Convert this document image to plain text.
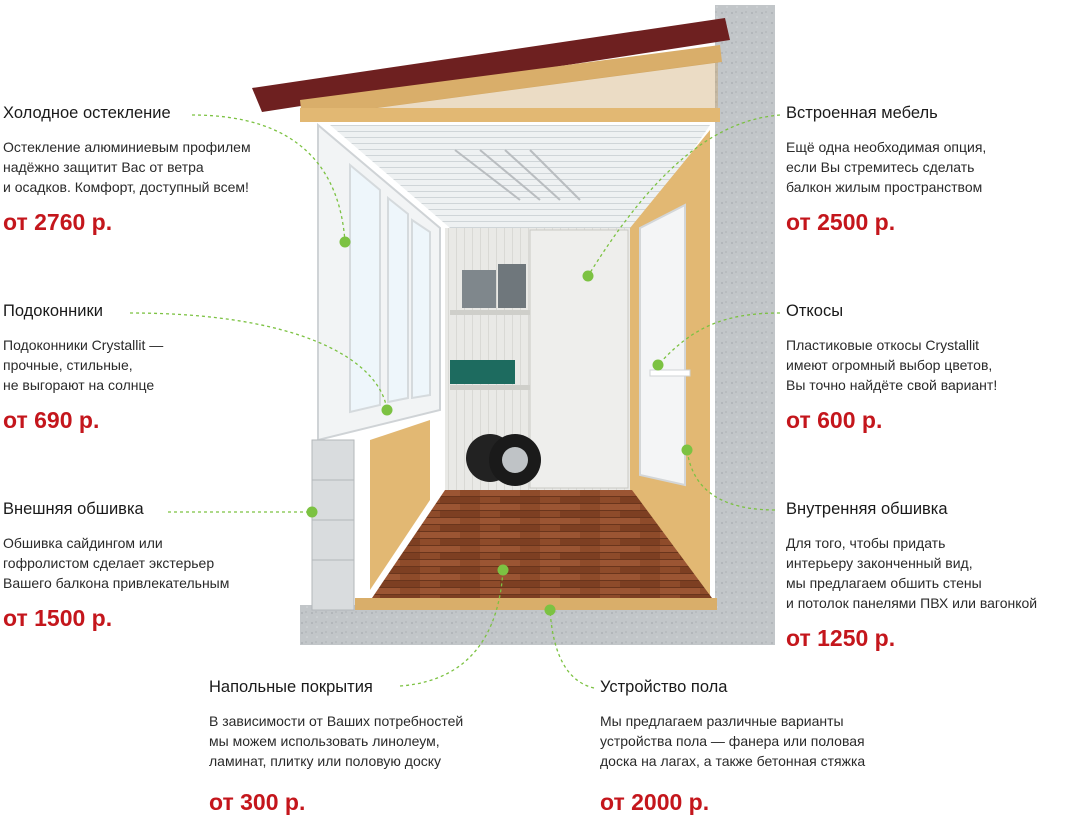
Холодное остекление
Остекление алюминиевым профилем
надёжно защитит Вас от ветра
и осадков. Комфорт, доступный всем!
от 2760 р.
Подоконники
Подоконники Crystallit —
прочные, стильные,
не выгорают на солнце
от 690 р.
Внешняя обшивка
Обшивка сайдингом или
гофролистом сделает экстерьер
Вашего балкона привлекательным
от 1500 р.
Напольные покрытия
В зависимости от Ваших потребностей
мы можем использовать линолеум,
ламинат, плитку или половую доску
от 300 р.
Устройство пола
Мы предлагаем различные варианты
устройства пола — фанера или половая
доска на лагах, а также бетонная стяжка
от 2000 р.
Встроенная мебель
Ещё одна необходимая опция,
если Вы стремитесь сделать
балкон жилым пространством
от 2500 р.
Откосы
Пластиковые откосы Crystallit
имеют огромный выбор цветов,
Вы точно найдёте свой вариант!
от 600 р.
Внутренняя обшивка
Для того, чтобы придать
интерьеру законченный вид,
мы предлагаем обшить стены
и потолок панелями ПВХ или вагонкой
от 1250 р.
